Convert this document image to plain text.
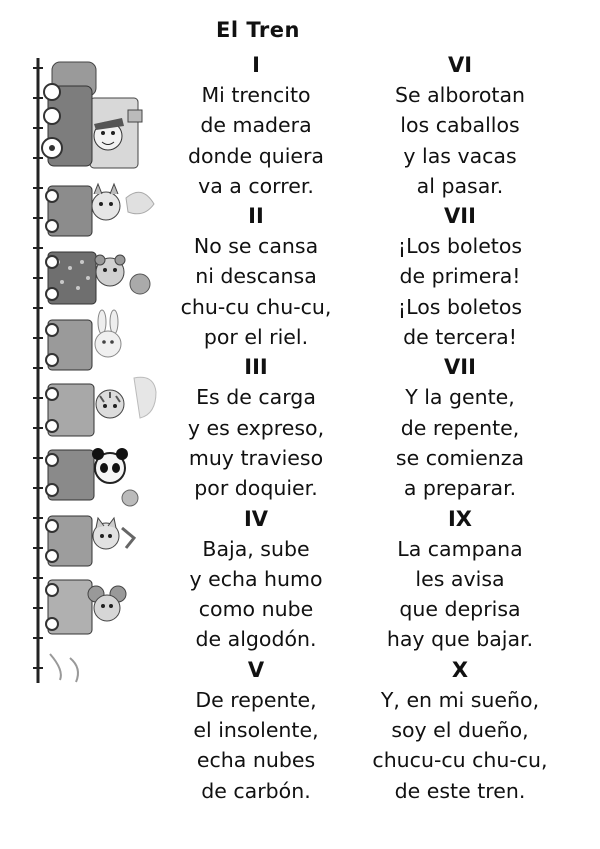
El Tren
I
Mi trencito
de madera
donde quiera
va a correr.
II
No se cansa
ni descansa
chu-cu chu-cu,
por el riel.
III
Es de carga
y es expreso,
muy travieso
por doquier.
IV
Baja, sube
y echa humo
como nube
de algodón.
V
De repente,
el insolente,
echa nubes
de carbón.
VI
Se alborotan
los caballos
y las vacas
al pasar.
VII
¡Los boletos
de primera!
¡Los boletos
de tercera!
VII
Y la gente,
de repente,
se comienza
a preparar.
IX
La campana
les avisa
que deprisa
hay que bajar.
X
Y, en mi sueño,
soy el dueño,
chucu-cu chu-cu,
de este tren.
